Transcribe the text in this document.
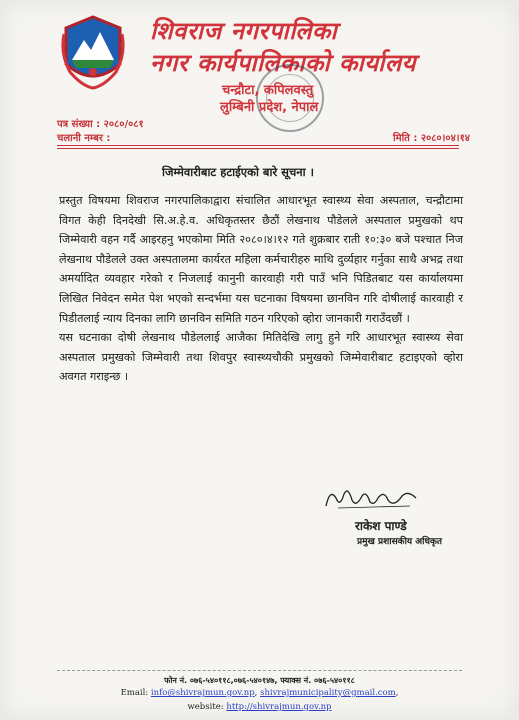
शिवराज नगरपालिका
नगर कार्यपालिकाको कार्यालय
चन्द्रौटा, कपिलवस्तु
लुम्बिनी प्रदेश, नेपाल
पत्र संख्या : २०८०/०८१
चलानी नम्बर :	मिति : २०८०।०४।१४
जिम्मेवारीबाट हटाईएको बारे सूचना ।

प्रस्तुत विषयमा शिवराज नगरपालिकाद्वारा संचालित आधारभूत स्वास्थ्य सेवा अस्पताल, चन्द्रौटामा विगत केही दिनदेखी सि.अ.हे.व. अधिकृतस्तर छैठौं लेखनाथ पौडेलले अस्पताल प्रमुखको थप जिम्मेवारी वहन गर्दै आइरहनु भएकोमा मिति २०८०।४।१२ गते शुक्रबार राती १०:३० बजे पश्चात निज लेखनाथ पौडेलले उक्त अस्पतालमा कार्यरत महिला कर्मचारीहरु माथि दुर्व्यहार गर्नुका साथै अभद्र तथा अमर्यादित व्यवहार गरेको र निजलाई कानुनी कारवाही गरी पाउँ भनि पिडितबाट यस कार्यालयमा लिखित निवेदन समेत पेश भएको सन्दर्भमा यस घटनाका विषयमा छानविन गरि दोषीलाई कारवाही र पिडीतलाई न्याय दिनका लागि छानविन समिति गठन गरिएको व्होरा जानकारी गराउँदछौं ।

यस घटनाका दोषी लेखनाथ पौडेललाई आजैका मितिदेखि लागु हुने गरि आधारभूत स्वास्थ्य सेवा अस्पताल प्रमुखको जिम्मेवारी तथा शिवपुर स्वास्थ्यचौकी प्रमुखको जिम्मेवारीबाट हटाइएको व्होरा अवगत गराइन्छ ।

राकेश पाण्डे
प्रमुख प्रशासकीय अधिकृत
फोन नं. ०७६-५४०११८,०७६-५४०१४७, फ्याक्स नं. ०७६-५४०११८
Email: info@shivrajmun.gov.np, shivrajmunicipality@gmail.com,
website: http://shivrajmun.gov.np
